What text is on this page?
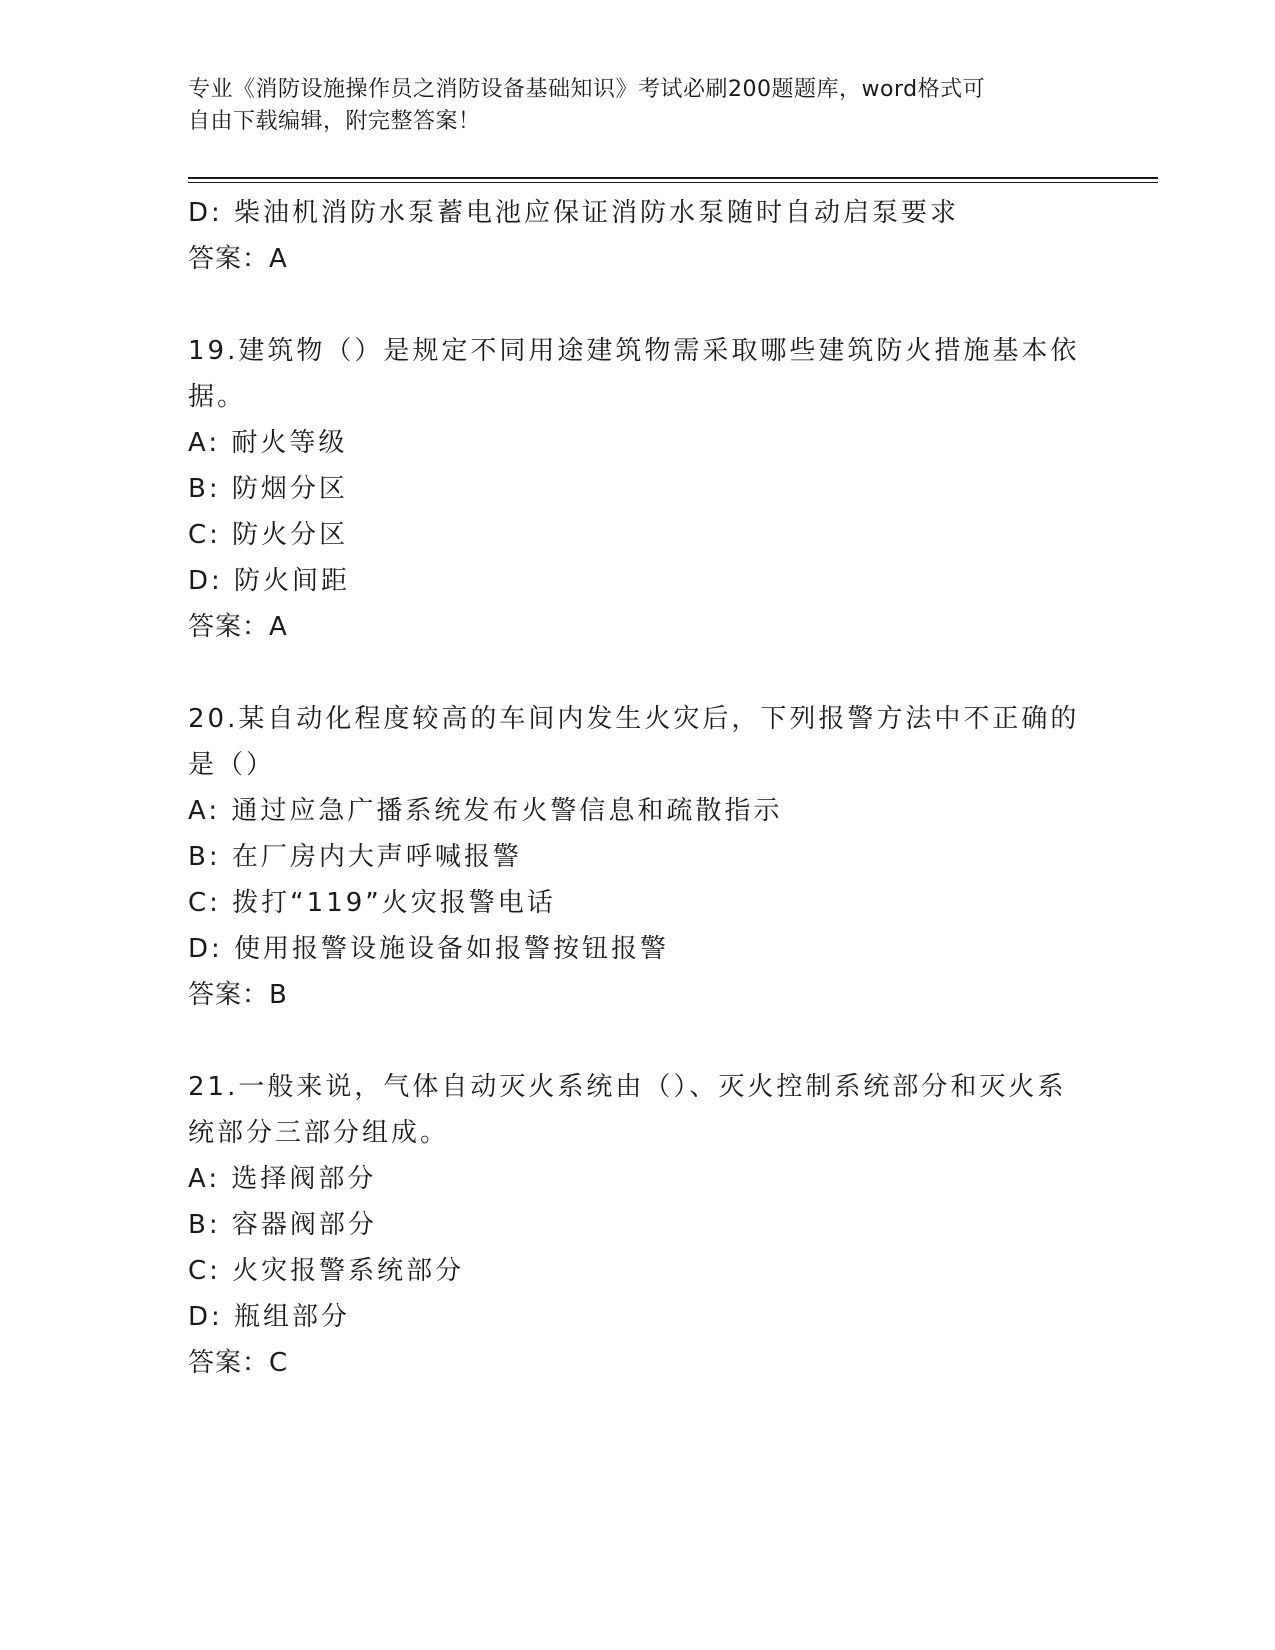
专业《消防设施操作员之消防设备基础知识》考试必刷200题题库，word格式可
自由下载编辑，附完整答案！
D: 柴油机消防水泵蓄电池应保证消防水泵随时自动启泵要求
答案：A
19.建筑物（）是规定不同用途建筑物需采取哪些建筑防火措施基本依
据。
A: 耐火等级
B: 防烟分区
C: 防火分区
D: 防火间距
答案：A
20.某自动化程度较高的车间内发生火灾后，下列报警方法中不正确的
是（）
A: 通过应急广播系统发布火警信息和疏散指示
B: 在厂房内大声呼喊报警
C: 拨打“119”火灾报警电话
D: 使用报警设施设备如报警按钮报警
答案：B
21.一般来说，气体自动灭火系统由（）、灭火控制系统部分和灭火系
统部分三部分组成。
A: 选择阀部分
B: 容器阀部分
C: 火灾报警系统部分
D: 瓶组部分
答案：C
